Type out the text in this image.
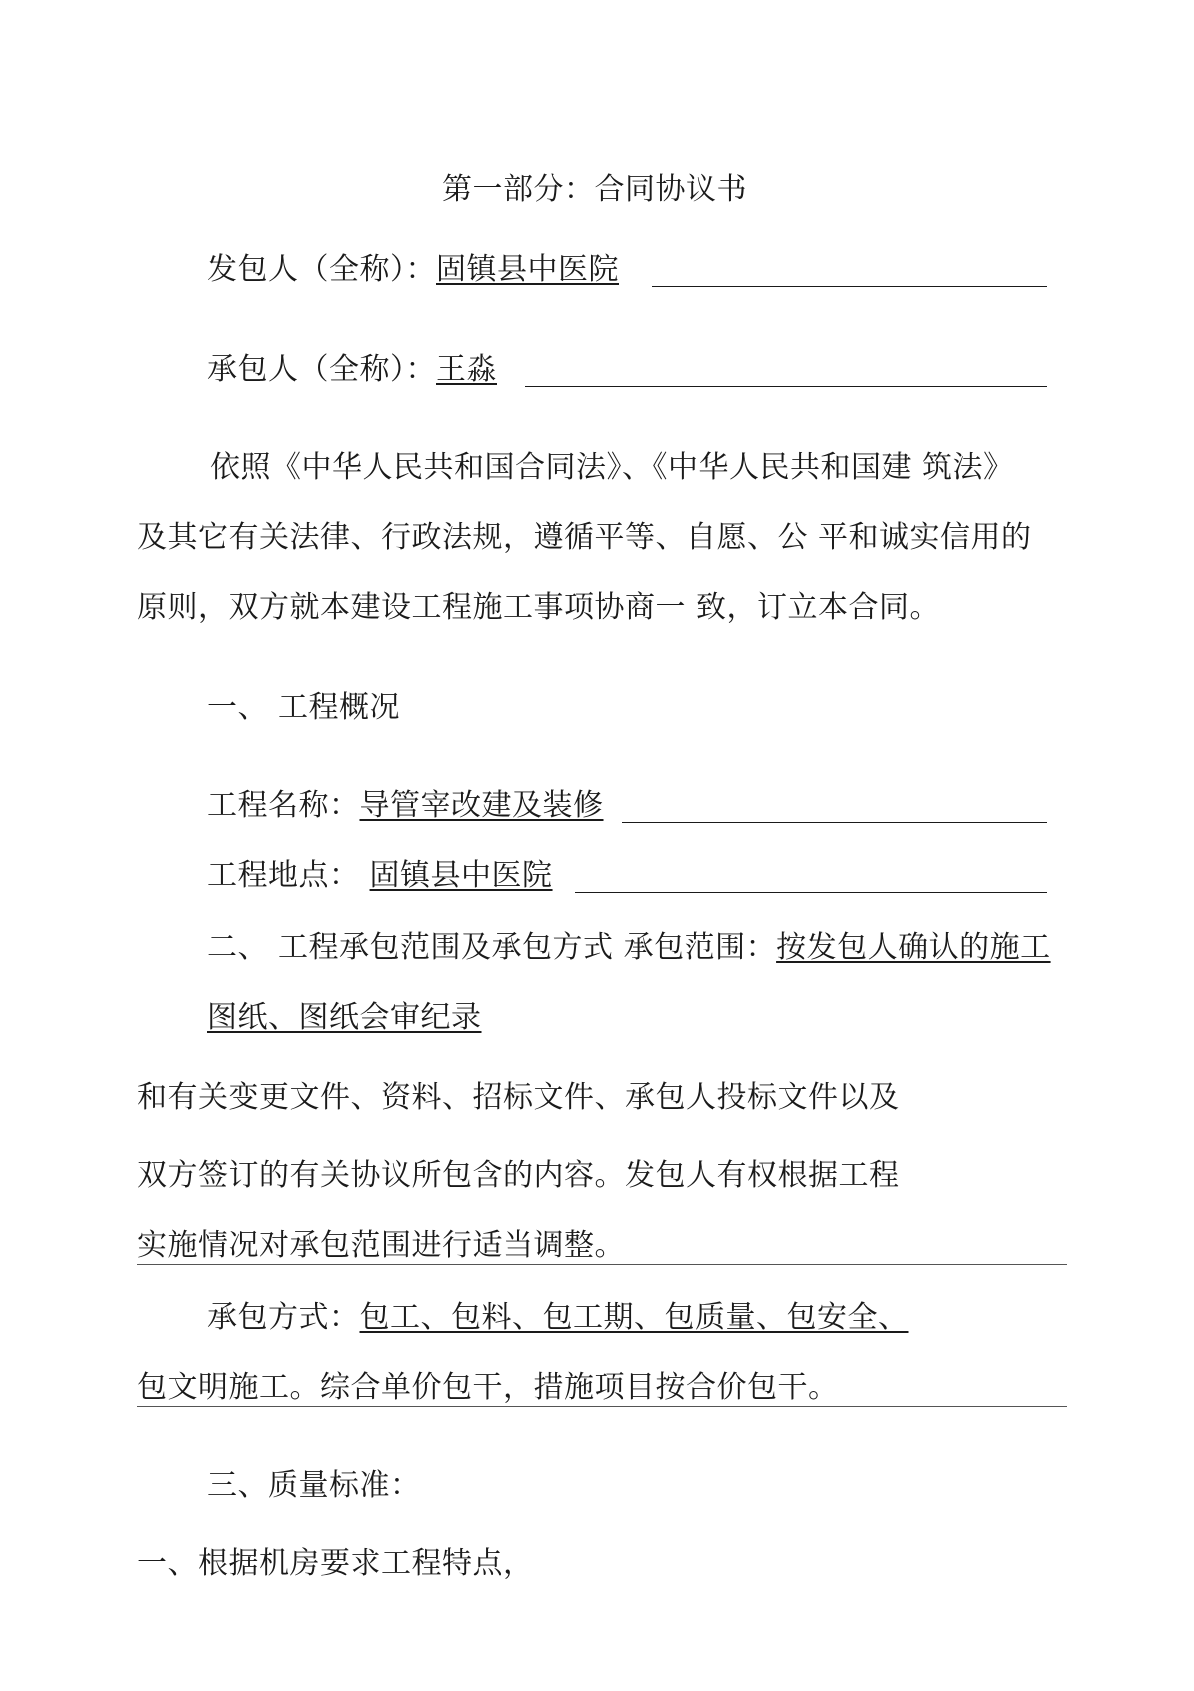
第一部分：合同协议书
发包人（全称）：固镇县中医院
承包人（全称）：王淼
依照《中华人民共和国合同法》、《中华人民共和国建 筑法》
及其它有关法律、行政法规，遵循平等、自愿、公 平和诚实信用的
原则，双方就本建设工程施工事项协商一 致，订立本合同。
一、 工程概况
工程名称：导管宰改建及装修
工程地点： 固镇县中医院
二、 工程承包范围及承包方式 承包范围：按发包人确认的施工
图纸、图纸会审纪录
和有关变更文件、资料、招标文件、承包人投标文件以及
双方签订的有关协议所包含的内容。发包人有权根据工程
实施情况对承包范围进行适当调整。
承包方式：包工、包料、包工期、包质量、包安全、
包文明施工。综合单价包干，措施项目按合价包干。
三、质量标准：
一、根据机房要求工程特点，
